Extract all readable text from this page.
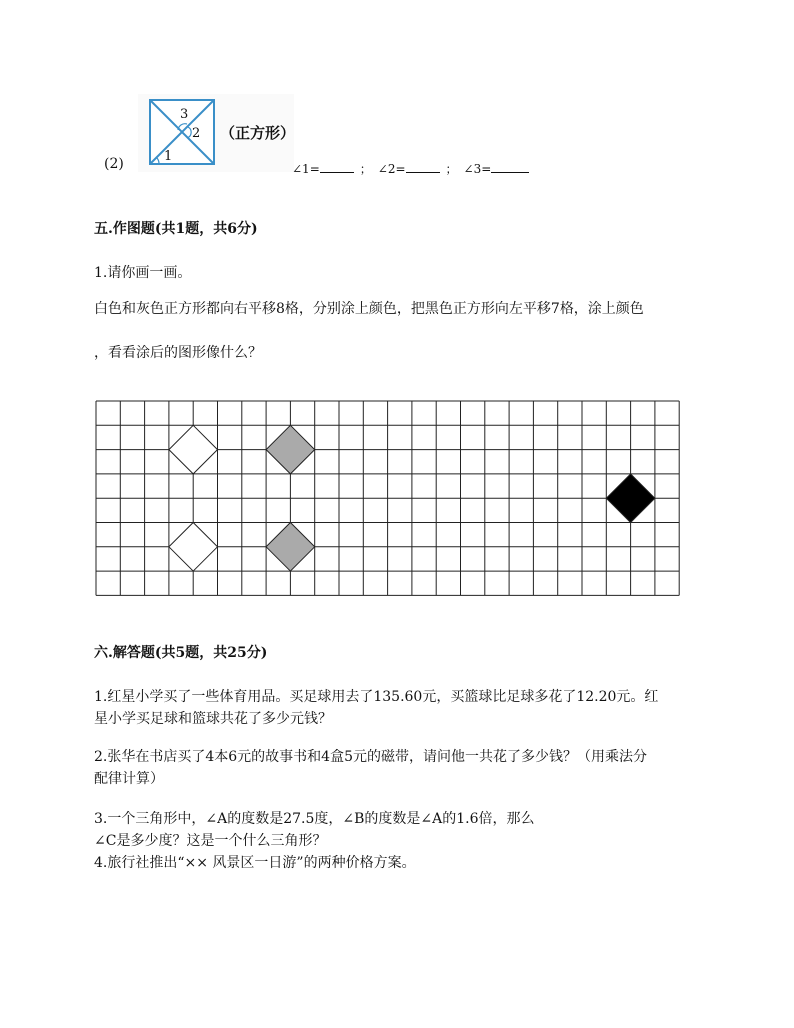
(2)
3
2
1
（正方形）
∠1=	； ∠2=	； ∠3=
五.作图题(共1题，共6分)
1.请你画一画。
白色和灰色正方形都向右平移8格，分别涂上颜色，把黑色正方形向左平移7格，涂上颜色
，看看涂后的图形像什么？
六.解答题(共5题，共25分)
1.红星小学买了一些体育用品。买足球用去了135.60元，买篮球比足球多花了12.20元。红
星小学买足球和篮球共花了多少元钱？
2.张华在书店买了4本6元的故事书和4盒5元的磁带，请问他一共花了多少钱？（用乘法分
配律计算）
3.一个三角形中，∠A的度数是27.5度，∠B的度数是∠A的1.6倍，那么
∠C是多少度？这是一个什么三角形？
4.旅行社推出“×× 风景区一日游”的两种价格方案。
